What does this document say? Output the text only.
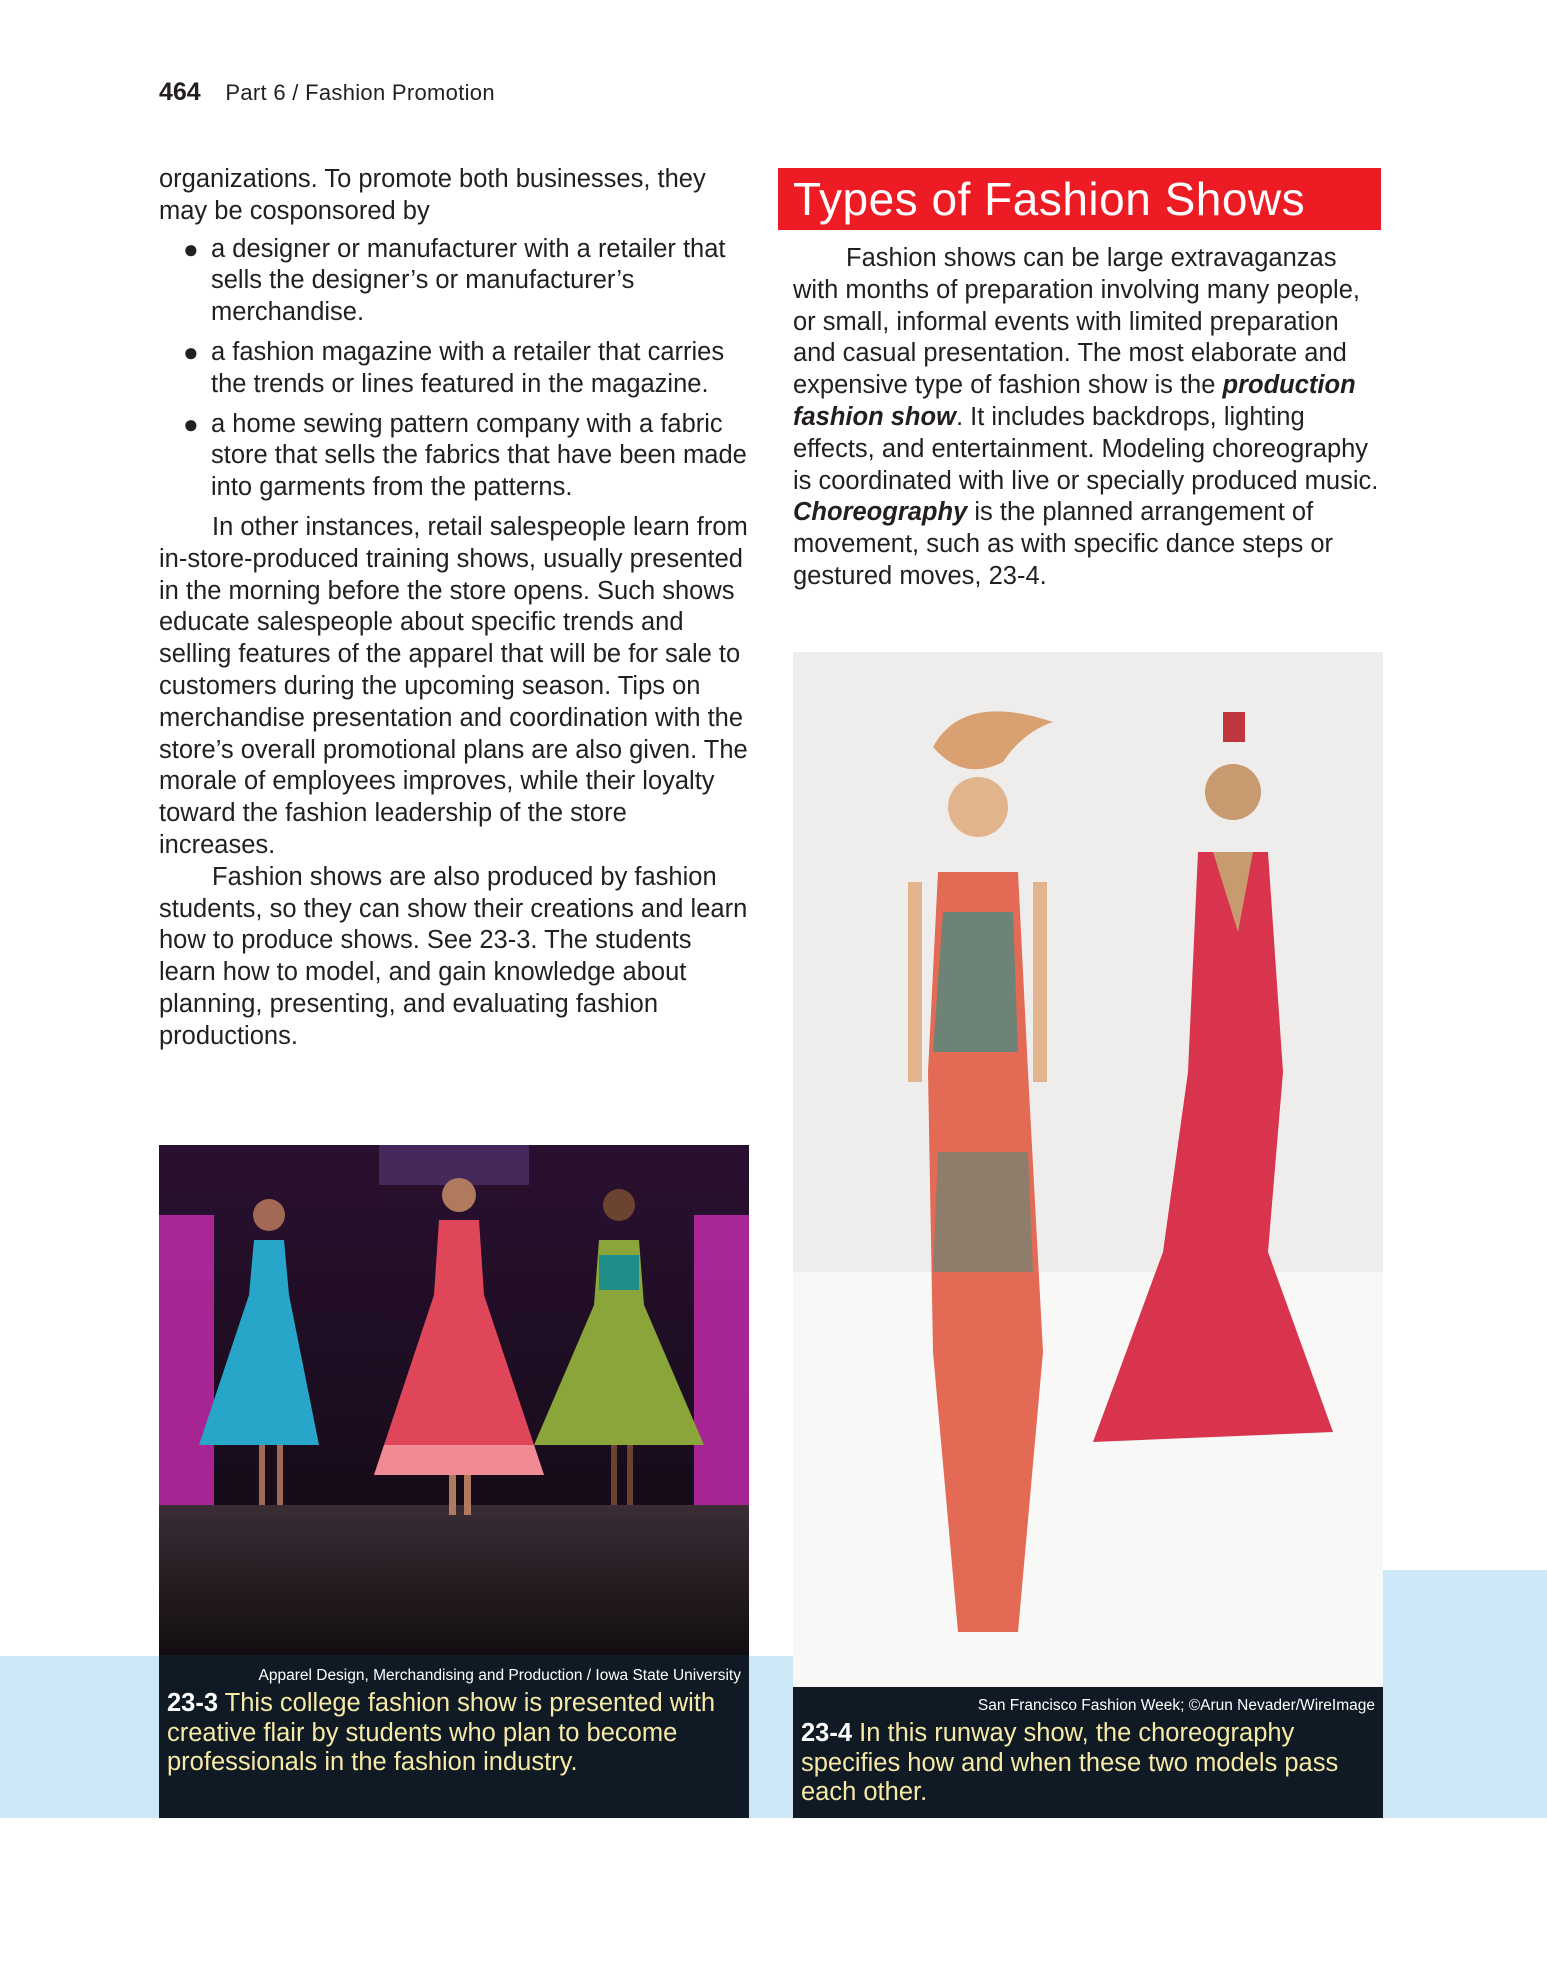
464 Part 6 / Fashion Promotion

organizations. To promote both businesses, they may be cosponsored by

● a designer or manufacturer with a retailer that sells the designer’s or manufacturer’s merchandise.
● a fashion magazine with a retailer that carries the trends or lines featured in the magazine.
● a home sewing pattern company with a fabric store that sells the fabrics that have been made into garments from the patterns.

In other instances, retail salespeople learn from in-store-produced training shows, usually presented in the morning before the store opens. Such shows educate salespeople about specific trends and selling features of the apparel that will be for sale to customers during the upcoming season. Tips on merchandise presentation and coordination with the store’s overall promotional plans are also given. The morale of employees improves, while their loyalty toward the fashion leadership of the store increases.

Fashion shows are also produced by fashion students, so they can show their creations and learn how to produce shows. See 23-3. The students learn how to model, and gain knowledge about planning, presenting, and evaluating fashion productions.

Types of Fashion Shows

Fashion shows can be large extravaganzas with months of preparation involving many people, or small, informal events with limited preparation and casual presentation. The most elaborate and expensive type of fashion show is the production fashion show. It includes backdrops, lighting effects, and entertainment. Modeling choreography is coordinated with live or specially produced music. Choreography is the planned arrangement of movement, such as with specific dance steps or gestured moves, 23-4.

Apparel Design, Merchandising and Production / Iowa State University
23-3 This college fashion show is presented with creative flair by students who plan to become professionals in the fashion industry.
San Francisco Fashion Week; ©Arun Nevader/WireImage
23-4 In this runway show, the choreography specifies how and when these two models pass each other.
